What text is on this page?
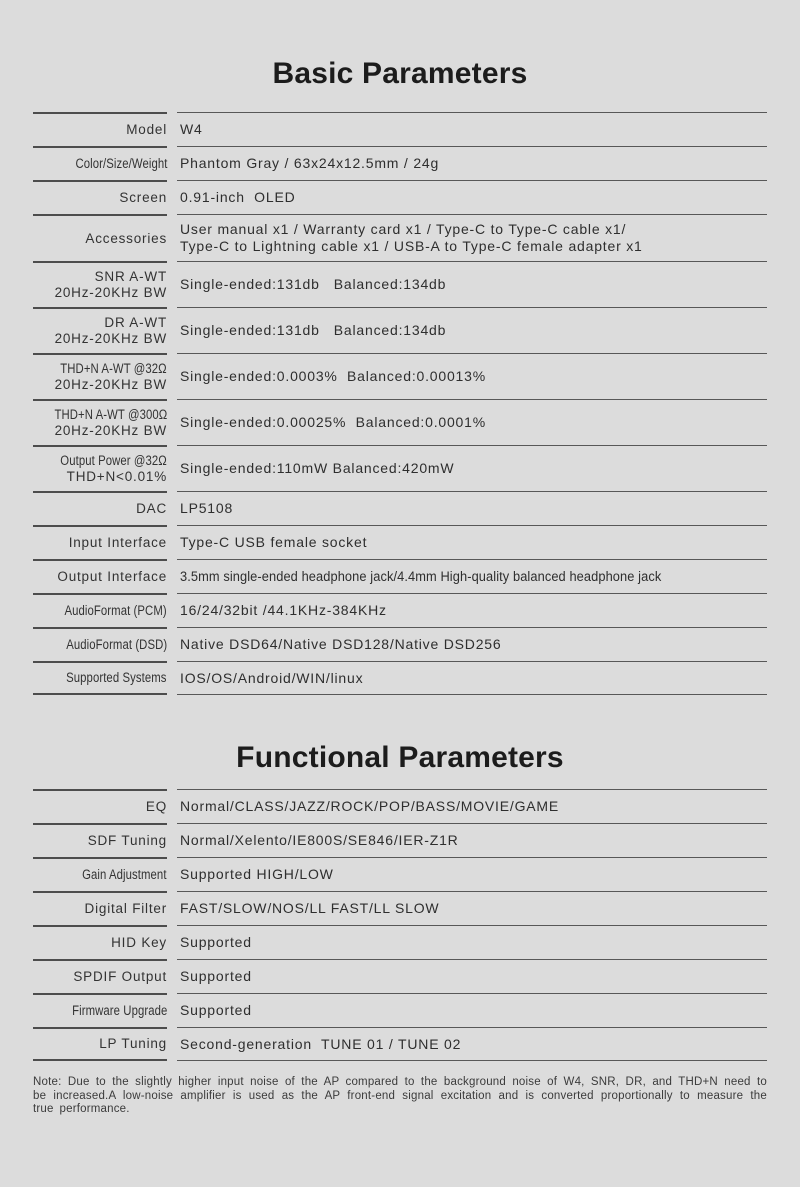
Basic Parameters
Model W4
Color/Size/Weight Phantom Gray / 63x24x12.5mm / 24g
Screen 0.91-inch  OLED
Accessories
User manual x1 / Warranty card x1 / Type-C to Type-C cable x1/
Type-C to Lightning cable x1 / USB-A to Type-C female adapter x1
SNR A-WT
20Hz-20KHz BW
Single-ended:131db   Balanced:134db
DR A-WT
20Hz-20KHz BW
Single-ended:131db   Balanced:134db
THD+N A-WT @32Ω
20Hz-20KHz BW
Single-ended:0.0003%  Balanced:0.00013%
THD+N A-WT @300Ω
20Hz-20KHz BW
Single-ended:0.00025%  Balanced:0.0001%
Output Power @32Ω
THD+N<0.01%
Single-ended:110mW Balanced:420mW
DAC LP5108
Input Interface Type-C USB female socket
Output Interface 3.5mm single-ended headphone jack/4.4mm High-quality balanced headphone jack
AudioFormat (PCM) 16/24/32bit /44.1KHz-384KHz
AudioFormat (DSD) Native DSD64/Native DSD128/Native DSD256
Supported Systems IOS/OS/Android/WIN/linux
Functional Parameters
EQ Normal/CLASS/JAZZ/ROCK/POP/BASS/MOVIE/GAME
SDF Tuning Normal/Xelento/IE800S/SE846/IER-Z1R
Gain Adjustment Supported HIGH/LOW
Digital Filter FAST/SLOW/NOS/LL FAST/LL SLOW
HID Key Supported
SPDIF Output Supported
Firmware Upgrade Supported
LP Tuning Second-generation  TUNE 01 / TUNE 02

Note: Due to the slightly higher input noise of the AP compared to the background noise of W4, SNR, DR, and THD+N need to be increased.A low-noise amplifier is used as the AP front-end signal excitation and is converted proportionally to measure the true performance.
